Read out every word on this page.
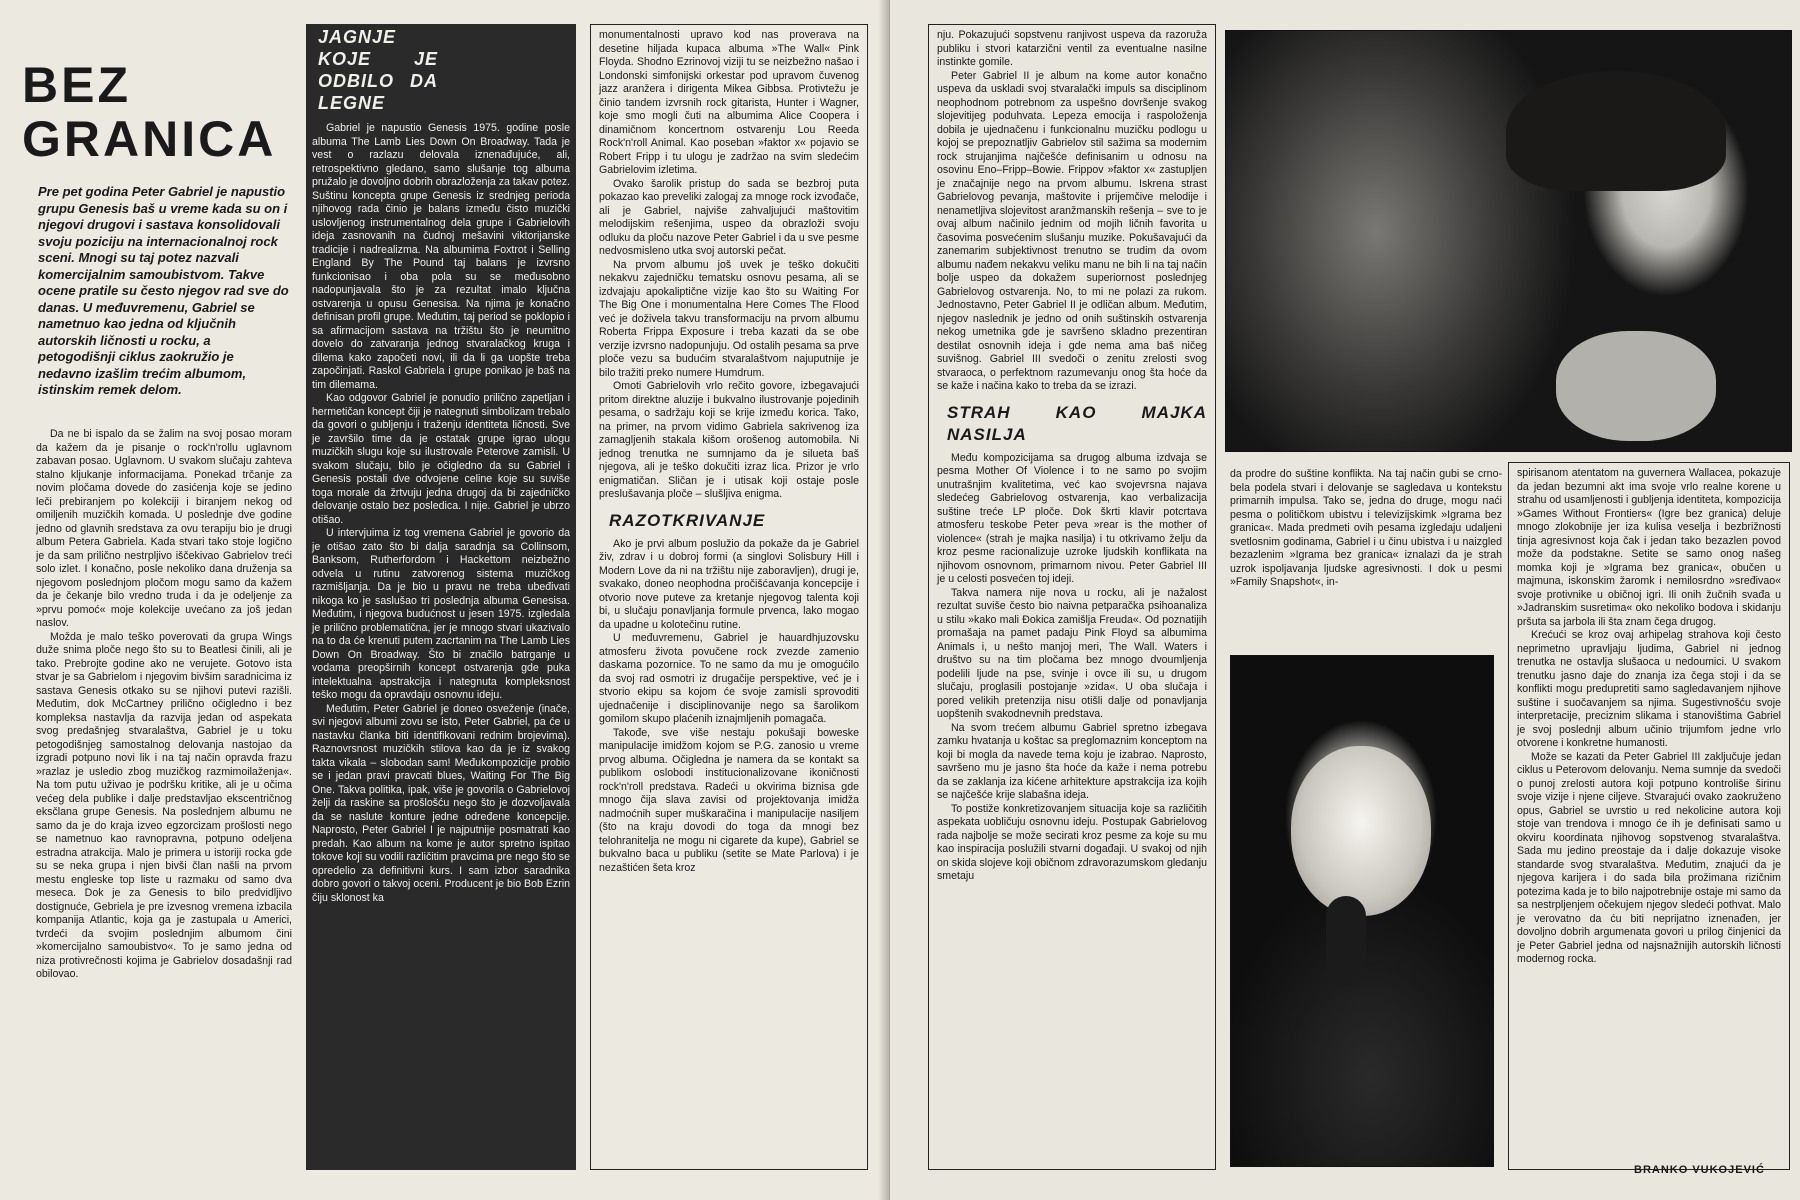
BEZ
GRANICA
Pre pet godina Peter Gabriel je napustio grupu Genesis baš u vreme kada su on i njegovi drugovi i sastava konsolidovali svoju poziciju na internacionalnoj rock sceni. Mnogi su taj potez nazvali komercijalnim samoubistvom. Takve ocene pratile su često njegov rad sve do danas. U međuvremenu, Gabriel se nametnuo kao jedna od ključnih autorskih ličnosti u rocku, a petogodišnji ciklus zaokružio je nedavno izašlim trećim albumom, istinskim remek delom.

Da ne bi ispalo da se žalim na svoj posao moram da kažem da je pisanje o rock'n'rollu uglavnom zabavan posao. Uglavnom. U svakom slučaju zahteva stalno kljukanje informacijama. Ponekad trčanje za novim pločama dovede do zasićenja koje se jedino leči prebiranjem po kolekciji i biranjem nekog od omiljenih muzičkih komada. U poslednje dve godine jedno od glavnih sredstava za ovu terapiju bio je drugi album Petera Gabriela. Kada stvari tako stoje logično je da sam prilično nestrpljivo iščekivao Gabrielov treći solo izlet. I konačno, posle nekoliko dana druženja sa njegovom poslednjom pločom mogu samo da kažem da je čekanje bilo vredno truda i da je odeljenje za »prvu pomoć« moje kolekcije uvećano za još jedan naslov.

Možda je malo teško poverovati da grupa Wings duže snima ploče nego što su to Beatlesi činili, ali je tako. Prebrojte godine ako ne verujete. Gotovo ista stvar je sa Gabrielom i njegovim bivšim saradnicima iz sastava Genesis otkako su se njihovi putevi razišli. Međutim, dok McCartney prilično očigledno i bez kompleksa nastavlja da razvija jedan od aspekata svog predašnjeg stvaralaštva, Gabriel je u toku petogodišnjeg samostalnog delovanja nastojao da izgradi potpuno novi lik i na taj način opravda frazu »razlaz je usledio zbog muzičkog razmimoilaženja«. Na tom putu uživao je podršku kritike, ali je u očima većeg dela publike i dalje predstavljao ekscentričnog eksčlana grupe Genesis. Na poslednjem albumu ne samo da je do kraja izveo egzorcizam prošlosti nego se nametnuo kao ravnopravna, potpuno odeljena estradna atrakcija. Malo je primera u istoriji rocka gde su se neka grupa i njen bivši član našli na prvom mestu engleske top liste u razmaku od samo dva meseca. Dok je za Genesis to bilo predvidljivo dostignuće, Gebriela je pre izvesnog vremena izbacila kompanija Atlantic, koja ga je zastupala u Americi, tvrdeći da svojim poslednjim albumom čini »komercijalno samoubistvo«. To je samo jedna od niza protivrečnosti kojima je Gabrielov dosadašnji rad obilovao.

JAGNJE KOJE JE ODBILO DA LEGNE

Gabriel je napustio Genesis 1975. godine posle albuma The Lamb Lies Down On Broadway. Tada je vest o razlazu delovala iznenađujuće, ali, retrospektivno gledano, samo slušanje tog albuma pružalo je dovoljno dobrih obrazloženja za takav potez. Suštinu koncepta grupe Genesis iz srednjeg perioda njihovog rada činio je balans između čisto muzički uslovljenog instrumentalnog dela grupe i Gabrielovih ideja zasnovanih na čudnoj mešavini viktorijanske tradicije i nadrealizma. Na albumima Foxtrot i Selling England By The Pound taj balans je izvrsno funkcionisao i oba pola su se međusobno nadopunjavala što je za rezultat imalo ključna ostvarenja u opusu Genesisa. Na njima je konačno definisan profil grupe. Međutim, taj period se poklopio i sa afirmacijom sastava na tržištu što je neumitno dovelo do zatvaranja jednog stvaralačkog kruga i dilema kako započeti novi, ili da li ga uopšte treba započinjati. Raskol Gabriela i grupe ponikao je baš na tim dilemama.

Kao odgovor Gabriel je ponudio prilično zapetljan i hermetičan koncept čiji je nategnuti simbolizam trebalo da govori o gubljenju i traženju identiteta ličnosti. Sve je završilo time da je ostatak grupe igrao ulogu muzičkih slugu koje su ilustrovale Peterove zamisli. U svakom slučaju, bilo je očigledno da su Gabriel i Genesis postali dve odvojene celine koje su suviše toga morale da žrtvuju jedna drugoj da bi zajedničko delovanje ostalo bez posledica. I nije. Gabriel je ubrzo otišao.

U intervjuima iz tog vremena Gabriel je govorio da je otišao zato što bi dalja saradnja sa Collinsom, Banksom, Rutherfordom i Hackettom neizbežno odvela u rutinu zatvorenog sistema muzičkog razmišljanja. Da je bio u pravu ne treba ubeđivati nikoga ko je saslušao tri poslednja albuma Genesisa. Međutim, i njegova budućnost u jesen 1975. izgledala je prilično problematična, jer je mnogo stvari ukazivalo na to da će krenuti putem zacrtanim na The Lamb Lies Down On Broadway. Što bi značilo batrganje u vodama preopširnih koncept ostvarenja gde puka intelektualna apstrakcija i nategnuta kompleksnost teško mogu da opravdaju osnovnu ideju.

Međutim, Peter Gabriel je doneo osveženje (inače, svi njegovi albumi zovu se isto, Peter Gabriel, pa će u nastavku članka biti identifikovani rednim brojevima). Raznovrsnost muzičkih stilova kao da je iz svakog takta vikala – slobodan sam! Međukompozicije probio se i jedan pravi pravcati blues, Waiting For The Big One. Takva politika, ipak, više je govorila o Gabrielovoj želji da raskine sa prošlošću nego što je dozvoljavala da se naslute konture jedne određene koncepcije. Naprosto, Peter Gabriel I je najputnije posmatrati kao predah. Kao album na kome je autor spretno ispitao tokove koji su vodili različitim pravcima pre nego što se opredelio za definitivni kurs. I sam izbor saradnika dobro govori o takvoj oceni. Producent je bio Bob Ezrin čiju sklonost ka

monumentalnosti upravo kod nas proverava na desetine hiljada kupaca albuma »The Wall« Pink Floyda. Shodno Ezrinovoj viziji tu se neizbežno našao i Londonski simfonijski orkestar pod upravom čuvenog jazz aranžera i dirigenta Mikea Gibbsa. Protivtežu je činio tandem izvrsnih rock gitarista, Hunter i Wagner, koje smo mogli čuti na albumima Alice Coopera i dinamičnom koncertnom ostvarenju Lou Reeda Rock'n'roll Animal. Kao poseban »faktor x« pojavio se Robert Fripp i tu ulogu je zadržao na svim sledećim Gabrielovim izletima.

Ovako šarolik pristup do sada se bezbroj puta pokazao kao preveliki zalogaj za mnoge rock izvođače, ali je Gabriel, najviše zahvaljujući maštovitim melodijskim rešenjima, uspeo da obrazloži svoju odluku da ploču nazove Peter Gabriel i da u sve pesme nedvosmisleno utka svoj autorski pečat.

Na prvom albumu još uvek je teško dokučiti nekakvu zajedničku tematsku osnovu pesama, ali se izdvajaju apokaliptične vizije kao što su Waiting For The Big One i monumentalna Here Comes The Flood već je doživela takvu transformaciju na prvom albumu Roberta Frippa Exposure i treba kazati da se obe verzije izvrsno nadopunjuju. Od ostalih pesama sa prve ploče vezu sa budućim stvaralaštvom najuputnije je bilo tražiti preko numere Humdrum.

Omoti Gabrielovih vrlo rečito govore, izbegavajući pritom direktne aluzije i bukvalno ilustrovanje pojedinih pesama, o sadržaju koji se krije između korica. Tako, na primer, na prvom vidimo Gabriela sakrivenog iza zamagljenih stakala kišom orošenog automobila. Ni jednog trenutka ne sumnjamo da je silueta baš njegova, ali je teško dokučiti izraz lica. Prizor je vrlo enigmatičan. Sličan je i utisak koji ostaje posle preslušavanja ploče – slušljiva enigma.

RAZOTKRIVANJE

Ako je prvi album poslužio da pokaže da je Gabriel živ, zdrav i u dobroj formi (a singlovi Solisbury Hill i Modern Love da ni na tržištu nije zaboravljen), drugi je, svakako, doneo neophodna pročišćavanja koncepcije i otvorio nove puteve za kretanje njegovog talenta koji bi, u slučaju ponavljanja formule prvenca, lako mogao da upadne u kolotečinu rutine.

U međuvremenu, Gabriel je hauardhjuzovsku atmosferu života povučene rock zvezde zamenio daskama pozornice. To ne samo da mu je omogućilo da svoj rad osmotri iz drugačije perspektive, već je i stvorio ekipu sa kojom će svoje zamisli sprovoditi ujednačenije i disciplinovanije nego sa šarolikom gomilom skupo plaćenih iznajmljenih pomagača.

Takođe, sve više nestaju pokušaji boweske manipulacije imidžom kojom se P.G. zanosio u vreme prvog albuma. Očigledna je namera da se kontakt sa publikom oslobodi institucionalizovane ikoničnosti rock'n'roll predstava. Radeći u okvirima biznisa gde mnogo čija slava zavisi od projektovanja imidža nadmoćnih super muškaračina i manipulacije nasiljem (što na kraju dovodi do toga da mnogi bez telohranitelja ne mogu ni cigarete da kupe), Gabriel se bukvalno baca u publiku (setite se Mate Parlova) i je nezaštićen šeta kroz

nju. Pokazujući sopstvenu ranjivost uspeva da razoruža publiku i stvori katarzični ventil za eventualne nasilne instinkte gomile.

Peter Gabriel II je album na kome autor konačno uspeva da uskladi svoj stvaralački impuls sa disciplinom neophodnom potrebnom za uspešno dovršenje svakog slojevitijeg poduhvata. Lepeza emocija i raspoloženja dobila je ujednačenu i funkcionalnu muzičku podlogu u kojoj se prepoznatljiv Gabrielov stil sažima sa modernim rock strujanjima najčešće definisanim u odnosu na osovinu Eno–Fripp–Bowie. Frippov »faktor x« zastupljen je značajnije nego na prvom albumu. Iskrena strast Gabrielovog pevanja, maštovite i prijemčive melodije i nenametljiva slojevitost aranžmanskih rešenja – sve to je ovaj album načinilo jednim od mojih ličnih favorita u časovima posvećenim slušanju muzike. Pokušavajući da zanemarim subjektivnost trenutno se trudim da ovom albumu nađem nekakvu veliku manu ne bih li na taj način bolje uspeo da dokažem superiornost poslednjeg Gabrielovog ostvarenja. No, to mi ne polazi za rukom. Jednostavno, Peter Gabriel II je odličan album. Međutim, njegov naslednik je jedno od onih suštinskih ostvarenja nekog umetnika gde je savršeno skladno prezentiran destilat osnovnih ideja i gde nema ama baš ničeg suvišnog. Gabriel III svedoči o zenitu zrelosti svog stvaraoca, o perfektnom razumevanju onog šta hoće da se kaže i načina kako to treba da se izrazi.

STRAH KAO MAJKA NASILJA

Među kompozicijama sa drugog albuma izdvaja se pesma Mother Of Violence i to ne samo po svojim unutrašnjim kvalitetima, već kao svojevrsna najava sledećeg Gabrielovog ostvarenja, kao verbalizacija suštine treće LP ploče. Dok škrti klavir potcrtava atmosferu teskobe Peter peva »rear is the mother of violence« (strah je majka nasilja) i tu otkrivamo želju da kroz pesme racionalizuje uzroke ljudskih konflikata na njihovom osnovnom, primarnom nivou. Peter Gabriel III je u celosti posvećen toj ideji.

Takva namera nije nova u rocku, ali je nažalost rezultat suviše često bio naivna petparačka psihoanaliza u stilu »kako mali Đokica zamišlja Freuda«. Od poznatijih promašaja na pamet padaju Pink Floyd sa albumima Animals i, u nešto manjoj meri, The Wall. Waters i društvo su na tim pločama bez mnogo dvoumljenja podelili ljude na pse, svinje i ovce ili su, u drugom slučaju, proglasili postojanje »zida«. U oba slučaja i pored velikih pretenzija nisu otišli dalje od ponavljanja uopštenih svakodnevnih predstava.

Na svom trećem albumu Gabriel spretno izbegava zamku hvatanja u koštac sa preglomaznim konceptom na koji bi mogla da navede tema koju je izabrao. Naprosto, savršeno mu je jasno šta hoće da kaže i nema potrebu da se zaklanja iza kićene arhitekture apstrakcija iza kojih se najčešće krije slabašna ideja.

To postiže konkretizovanjem situacija koje sa različitih aspekata uobličuju osnovnu ideju. Postupak Gabrielovog rada najbolje se može secirati kroz pesme za koje su mu kao inspiracija poslužili stvarni događaji. U svakoj od njih on skida slojeve koji običnom zdravorazumskom gledanju smetaju

da prodre do suštine konflikta. Na taj način gubi se crno-bela podela stvari i delovanje se sagledava u kontekstu primarnih impulsa. Tako se, jedna do druge, mogu naći pesma o političkom ubistvu i televizijskimk »Igrama bez granica«. Mada predmeti ovih pesama izgledaju udaljeni svetlosnim godinama, Gabriel i u činu ubistva i u naizgled bezazlenim »Igrama bez granica« iznalazi da je strah uzrok ispoljavanja ljudske agresivnosti. I dok u pesmi »Family Snapshot«, in-

spirisanom atentatom na guvernera Wallacea, pokazuje da jedan bezumni akt ima svoje vrlo realne korene u strahu od usamljenosti i gubljenja identiteta, kompozicija »Games Without Frontiers« (Igre bez granica) deluje mnogo zlokobnije jer iza kulisa veselja i bezbrižnosti tinja agresivnost koja čak i jedan tako bezazlen povod može da podstakne. Setite se samo onog našeg momka koji je »Igrama bez granica«, obučen u majmuna, iskonskim žaromk i nemilosrdno »sređivao« svoje protivnike u običnoj igri. Ili onih žučnih svađa u »Jadranskim susretima« oko nekoliko bodova i skidanju pršuta sa jarbola ili šta znam čega drugog.

Krećući se kroz ovaj arhipelag strahova koji često neprimetno upravljaju ljudima, Gabriel ni jednog trenutka ne ostavlja slušaoca u nedoumici. U svakom trenutku jasno daje do znanja iza čega stoji i da se konflikti mogu predupretiti samo sagledavanjem njihove suštine i suočavanjem sa njima. Sugestivnošću svoje interpretacije, preciznim slikama i stanovištima Gabriel je svoj poslednji album učinio trijumfom jedne vrlo otvorene i konkretne humanosti.

Može se kazati da Peter Gabriel III zaključuje jedan ciklus u Peterovom delovanju. Nema sumnje da svedoči o punoj zrelosti autora koji potpuno kontroliše širinu svoje vizije i njene ciljeve. Stvarajući ovako zaokruženo opus, Gabriel se uvrstio u red nekolicine autora koji stoje van trendova i mnogo će ih je definisati samo u okviru koordinata njihovog sopstvenog stvaralaštva. Sada mu jedino preostaje da i dalje dokazuje visoke standarde svog stvaralaštva. Međutim, znajući da je njegova karijera i do sada bila prožimana rizičnim potezima kada je to bilo najpotrebnije ostaje mi samo da sa nestrpljenjem očekujem njegov sledeći pothvat. Malo je verovatno da ću biti neprijatno iznenađen, jer dovoljno dobrih argumenata govori u prilog činjenici da je Peter Gabriel jedna od najsnažnijih autorskih ličnosti modernog rocka.

BRANKO VUKOJEVIĆ
